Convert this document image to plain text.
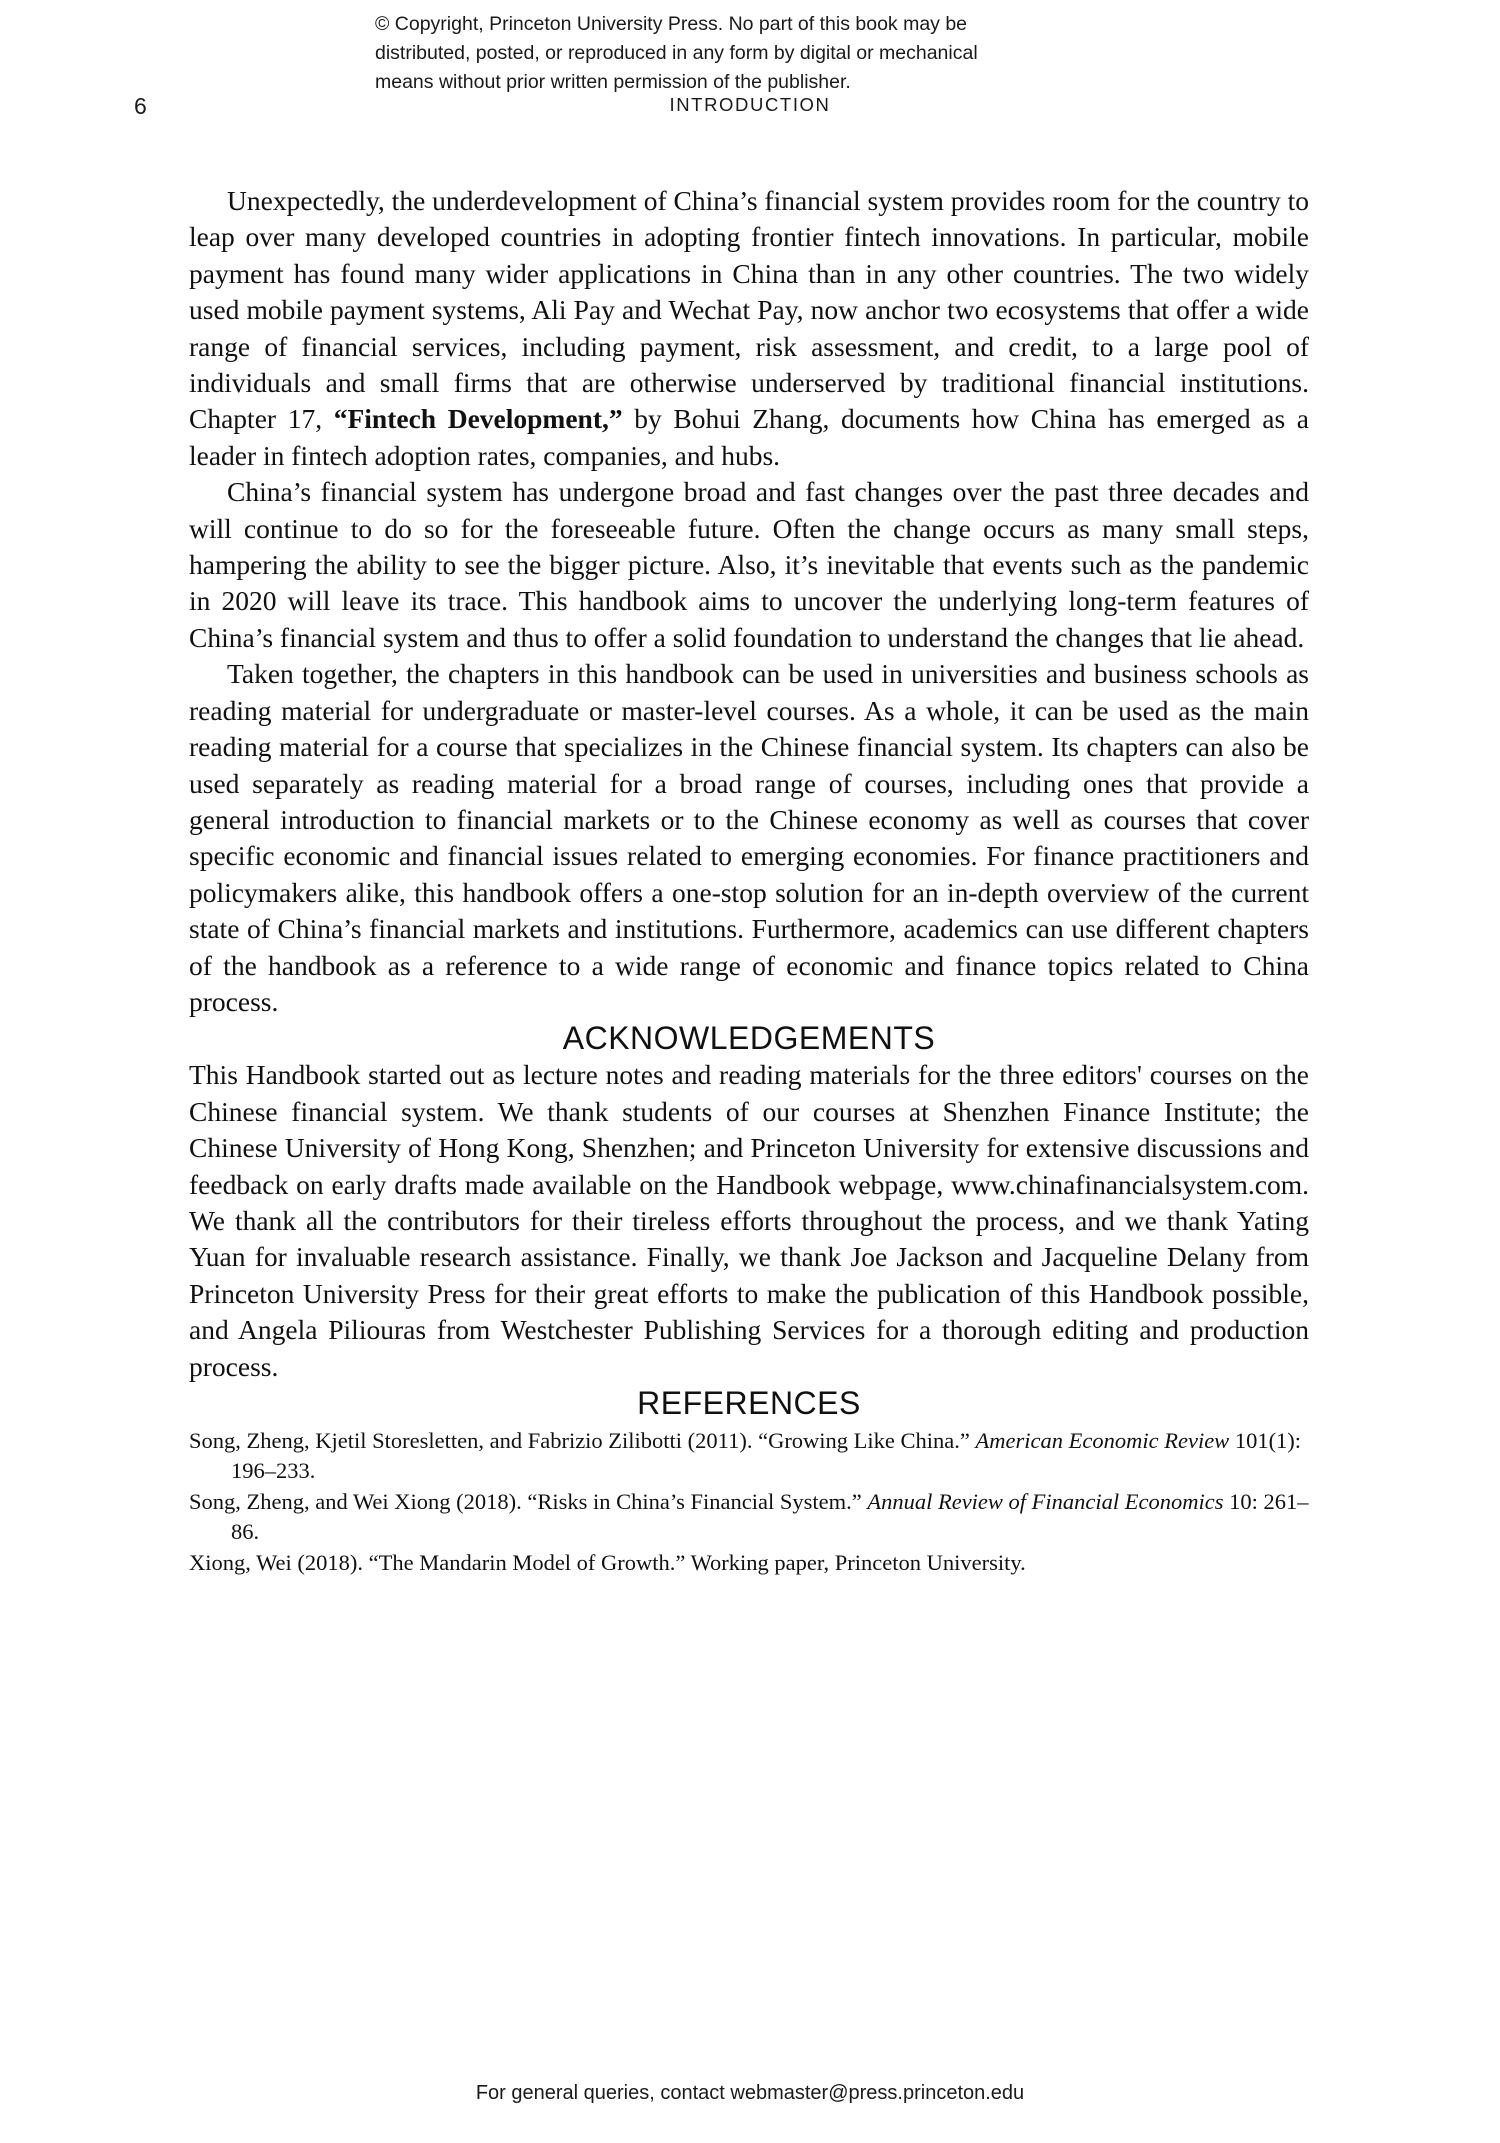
© Copyright, Princeton University Press. No part of this book may be
distributed, posted, or reproduced in any form by digital or mechanical
means without prior written permission of the publisher.
6	INTRODUCTION

Unexpectedly, the underdevelopment of China’s financial system provides room for the country to leap over many developed countries in adopting frontier fintech innovations. In particular, mobile payment has found many wider applications in China than in any other countries. The two widely used mobile payment systems, Ali Pay and Wechat Pay, now anchor two ecosystems that offer a wide range of financial services, including payment, risk assessment, and credit, to a large pool of individuals and small firms that are otherwise underserved by traditional financial institutions. Chapter 17, “Fintech Development,” by Bohui Zhang, documents how China has emerged as a leader in fintech adoption rates, companies, and hubs.

China’s financial system has undergone broad and fast changes over the past three decades and will continue to do so for the foreseeable future. Often the change occurs as many small steps, hampering the ability to see the bigger picture. Also, it’s inevitable that events such as the pandemic in 2020 will leave its trace. This handbook aims to uncover the underlying long-term features of China’s financial system and thus to offer a solid foundation to understand the changes that lie ahead.

Taken together, the chapters in this handbook can be used in universities and business schools as reading material for undergraduate or master-level courses. As a whole, it can be used as the main reading material for a course that specializes in the Chinese financial system. Its chapters can also be used separately as reading material for a broad range of courses, including ones that provide a general introduction to financial markets or to the Chinese economy as well as courses that cover specific economic and financial issues related to emerging economies. For finance practitioners and policymakers alike, this handbook offers a one-stop solution for an in-depth overview of the current state of China’s financial markets and institutions. Furthermore, academics can use different chapters of the handbook as a reference to a wide range of economic and finance topics related to China process.

ACKNOWLEDGEMENTS

This Handbook started out as lecture notes and reading materials for the three editors' courses on the Chinese financial system. We thank students of our courses at Shenzhen Finance Institute; the Chinese University of Hong Kong, Shenzhen; and Princeton University for extensive discussions and feedback on early drafts made available on the Handbook webpage, www.chinafinancialsystem.com. We thank all the contributors for their tireless efforts throughout the process, and we thank Yating Yuan for invaluable research assistance. Finally, we thank Joe Jackson and Jacqueline Delany from Princeton University Press for their great efforts to make the publication of this Handbook possible, and Angela Piliouras from Westchester Publishing Services for a thorough editing and production process.

REFERENCES
Song, Zheng, Kjetil Storesletten, and Fabrizio Zilibotti (2011). “Growing Like China.” American Economic Review 101(1): 196–233.
Song, Zheng, and Wei Xiong (2018). “Risks in China’s Financial System.” Annual Review of Financial Economics 10: 261–86.
Xiong, Wei (2018). “The Mandarin Model of Growth.” Working paper, Princeton University.
For general queries, contact webmaster@press.princeton.edu
